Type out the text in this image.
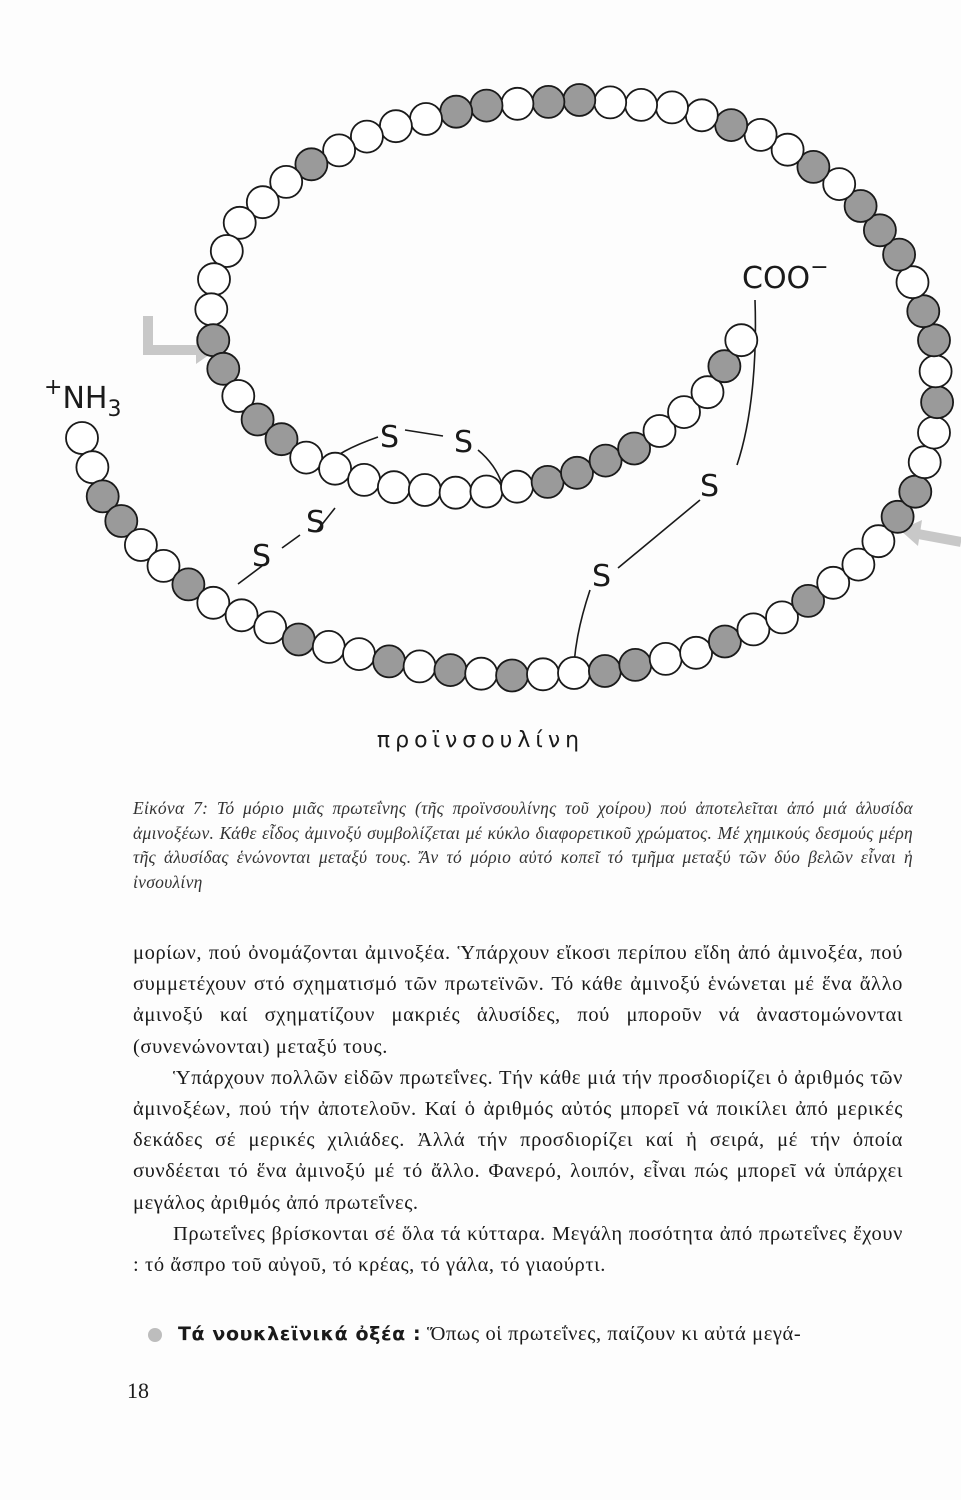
S S
S
S
S
S
COO−
$^+NH_3$
προϊνσουλίνη
Εἰκόνα 7: Τό μόριο μιᾶς πρωτεΐνης (τῆς προϊνσουλίνης τοῦ χοίρου) πού ἀποτελεῖται ἀπό μιά ἁλυσίδα ἀμινοξέων. Κάθε εἶδος ἀμινοξύ συμβολίζεται μέ κύκλο διαφορετικοῦ χρώματος. Μέ χημικούς δεσμούς μέρη τῆς ἁλυσίδας ἑνώνονται μεταξύ τους. Ἄν τό μόριο αὐτό κοπεῖ τό τμῆμα μεταξύ τῶν δύο βελῶν εἶναι ἡ ἰνσουλίνη

μορίων, πού ὀνομάζονται ἀμινοξέα. Ὑπάρχουν εἴκοσι περίπου εἴδη ἀπό ἀμινοξέα, πού συμμετέχουν στό σχηματισμό τῶν πρωτεϊνῶν. Τό κάθε ἀμινοξύ ἑνώνεται μέ ἕνα ἄλλο ἀμινοξύ καί σχηματίζουν μακριές ἁλυσίδες, πού μποροῦν νά ἀναστομώνονται (συνενώνονται) μεταξύ τους.

Ὑπάρχουν πολλῶν εἰδῶν πρωτεΐνες. Τήν κάθε μιά τήν προσδιορίζει ὁ ἀριθμός τῶν ἀμινοξέων, πού τήν ἀποτελοῦν. Καί ὁ ἀριθμός αὐτός μπορεῖ νά ποικίλει ἀπό μερικές δεκάδες σέ μερικές χιλιάδες. Ἀλλά τήν προσδιορίζει καί ἡ σειρά, μέ τήν ὁποία συνδέεται τό ἕνα ἀμινοξύ μέ τό ἄλλο. Φανερό, λοιπόν, εἶναι πώς μπορεῖ νά ὑπάρχει μεγάλος ἀριθμός ἀπό πρωτεΐνες.

Πρωτεΐνες βρίσκονται σέ ὅλα τά κύτταρα. Μεγάλη ποσότητα ἀπό πρωτεΐνες ἔχουν : τό ἄσπρο τοῦ αὐγοῦ, τό κρέας, τό γάλα, τό γιαούρτι.

Τά νουκλεϊνικά ὀξέα : Ὅπως οἱ πρωτεΐνες, παίζουν κι αὐτά μεγά-
18
